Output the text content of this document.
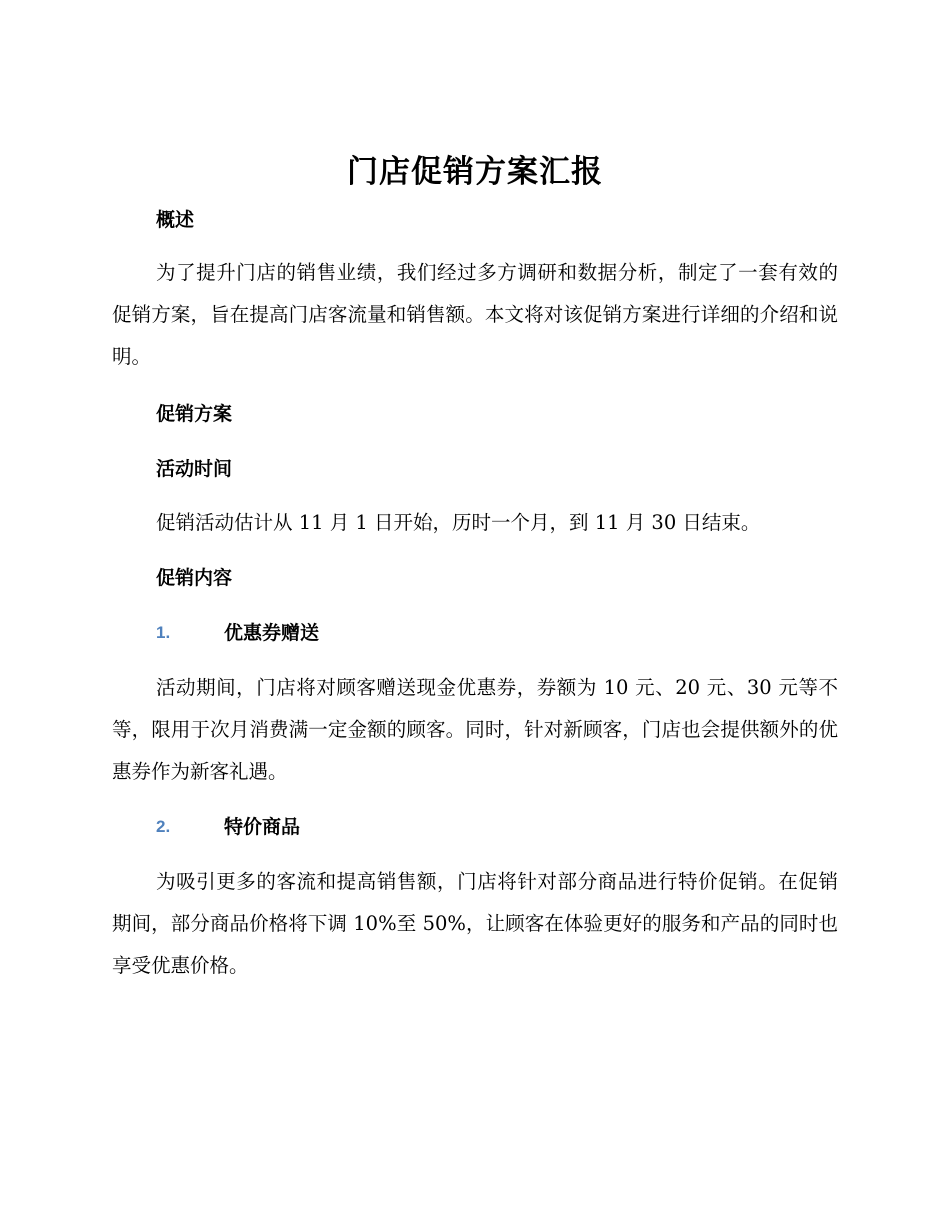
门店促销方案汇报
概述

为了提升门店的销售业绩，我们经过多方调研和数据分析，制定了一套有效的促销方案，旨在提高门店客流量和销售额。本文将对该促销方案进行详细的介绍和说明。

促销方案
活动时间

促销活动估计从 11 月 1 日开始，历时一个月，到 11 月 30 日结束。

促销内容
1.	优惠券赠送

活动期间，门店将对顾客赠送现金优惠券，券额为 10 元、20 元、30 元等不等，限用于次月消费满一定金额的顾客。同时，针对新顾客，门店也会提供额外的优惠券作为新客礼遇。

2.	特价商品

为吸引更多的客流和提高销售额，门店将针对部分商品进行特价促销。在促销期间，部分商品价格将下调 10%至 50%，让顾客在体验更好的服务和产品的同时也享受优惠价格。
